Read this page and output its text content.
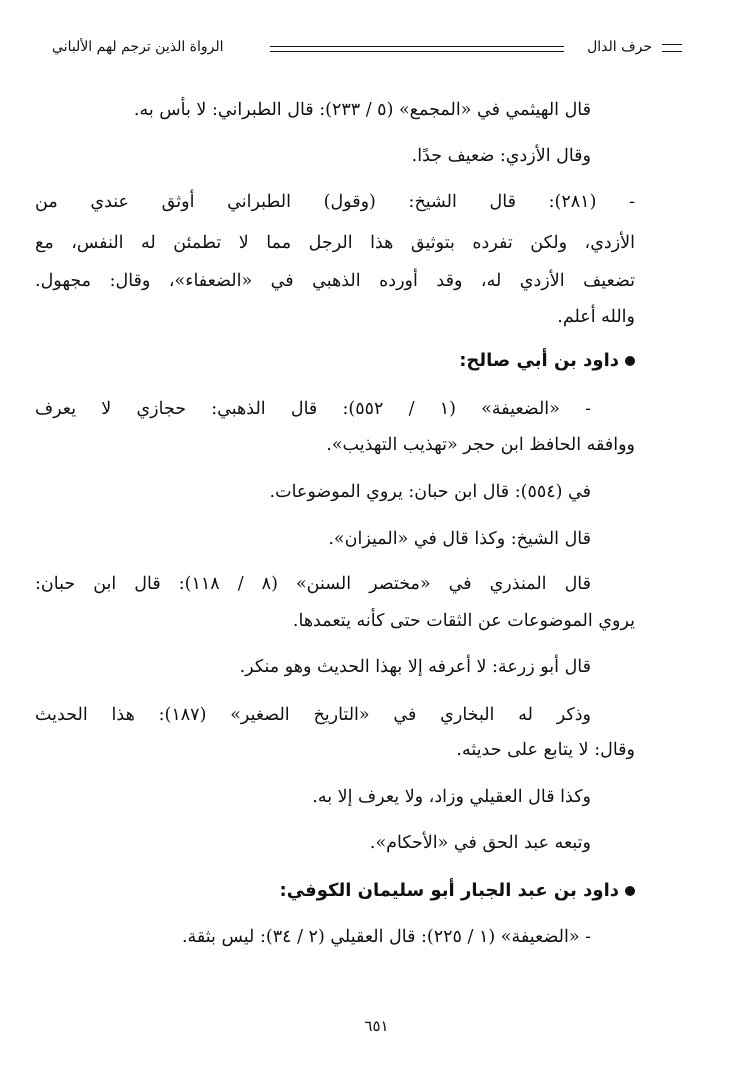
حرف الدال
الرواة الذين ترجم لهم الألباني
قال الهيثمي في «المجمع» (٥ / ٢٣٣): قال الطبراني: لا بأس به.
وقال الأزدي: ضعيف جدًا.
- (٢٨١): قال الشيخ: (وقول) الطبراني أوثق عندي من
الأزدي، ولكن تفرده بتوثيق هذا الرجل مما لا تطمئن له النفس، مع
تضعيف الأزدي له، وقد أورده الذهبي في «الضعفاء»، وقال: مجهول.
والله أعلم.
داود بن أبي صالح:
- «الضعيفة» (١ / ٥٥٢): قال الذهبي: حجازي لا يعرف
ووافقه الحافظ ابن حجر «تهذيب التهذيب».
في (٥٥٤): قال ابن حبان: يروي الموضوعات.
قال الشيخ: وكذا قال في «الميزان».
قال المنذري في «مختصر السنن» (٨ / ١١٨): قال ابن حبان:
يروي الموضوعات عن الثقات حتى كأنه يتعمدها.
قال أبو زرعة: لا أعرفه إلا بهذا الحديث وهو منكر.
وذكر له البخاري في «التاريخ الصغير» (١٨٧): هذا الحديث
وقال: لا يتابع على حديثه.
وكذا قال العقيلي وزاد، ولا يعرف إلا به.
وتبعه عبد الحق في «الأحكام».
داود بن عبد الجبار أبو سليمان الكوفي:
- «الضعيفة» (١ / ٢٢٥): قال العقيلي (٢ / ٣٤): ليس بثقة.
٦٥١
